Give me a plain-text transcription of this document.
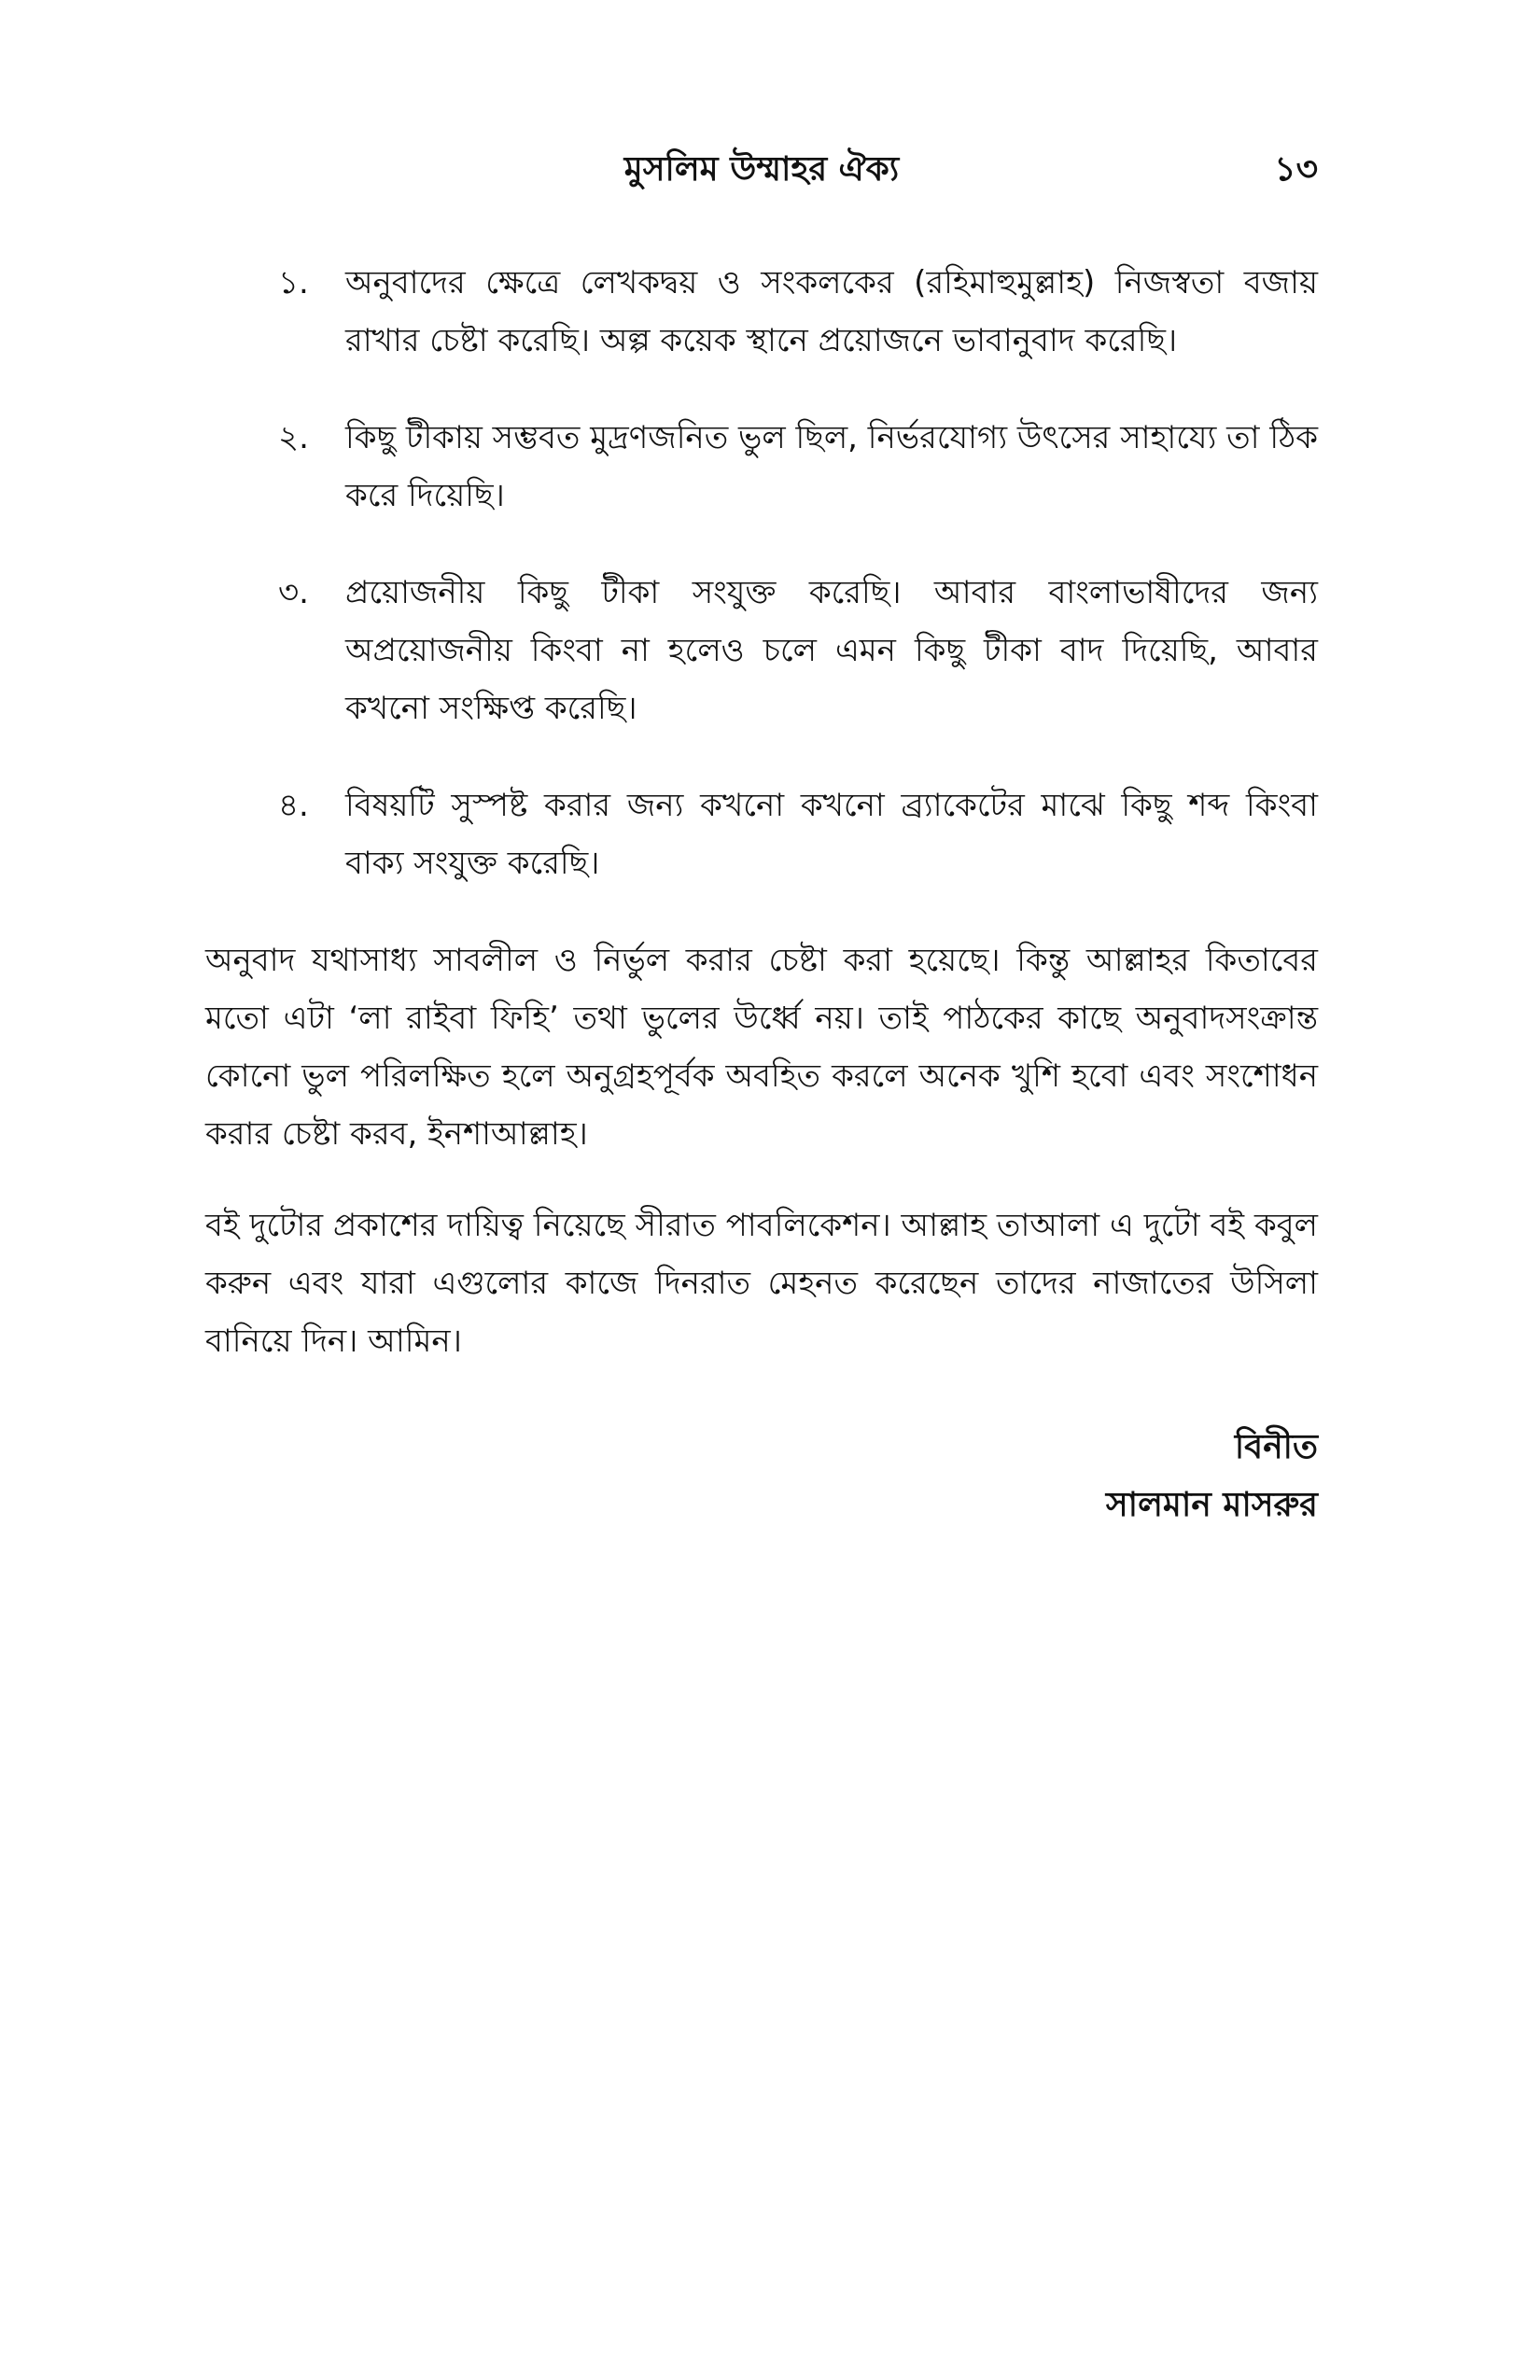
মুসলিম উম্মাহর ঐক্য	১৩
১.	অনুবাদের ক্ষেত্রে লেখকদ্বয় ও সংকলকের (রহিমাহুমুল্লাহ) নিজস্বতা বজায় রাখার চেষ্টা করেছি। অল্প কয়েক স্থানে প্রয়োজনে ভাবানুবাদ করেছি।
২.	কিছু টীকায় সম্ভবত মুদ্রণজনিত ভুল ছিল, নির্ভরযোগ্য উৎসের সাহায্যে তা ঠিক করে দিয়েছি।
৩.	প্রয়োজনীয় কিছু টীকা সংযুক্ত করেছি। আবার বাংলাভাষীদের জন্য অপ্রয়োজনীয় কিংবা না হলেও চলে এমন কিছু টীকা বাদ দিয়েছি, আবার কখনো সংক্ষিপ্ত করেছি।
৪.	বিষয়টি সুস্পষ্ট করার জন্য কখনো কখনো ব্র্যাকেটের মাঝে কিছু শব্দ কিংবা বাক্য সংযুক্ত করেছি।

অনুবাদ যথাসাধ্য সাবলীল ও নির্ভুল করার চেষ্টা করা হয়েছে। কিন্তু আল্লাহর কিতাবের মতো এটা ‘লা রাইবা ফিহি’ তথা ভুলের উর্ধ্বে নয়। তাই পাঠকের কাছে অনুবাদসংক্রান্ত কোনো ভুল পরিলক্ষিত হলে অনুগ্রহপূর্বক অবহিত করলে অনেক খুশি হবো এবং সংশোধন করার চেষ্টা করব, ইনশাআল্লাহ।

বই দুটোর প্রকাশের দায়িত্ব নিয়েছে সীরাত পাবলিকেশন। আল্লাহ তাআলা এ দুটো বই কবুল করুন এবং যারা এগুলোর কাজে দিনরাত মেহনত করেছেন তাদের নাজাতের উসিলা বানিয়ে দিন। আমিন।

বিনীত
সালমান মাসরুর
